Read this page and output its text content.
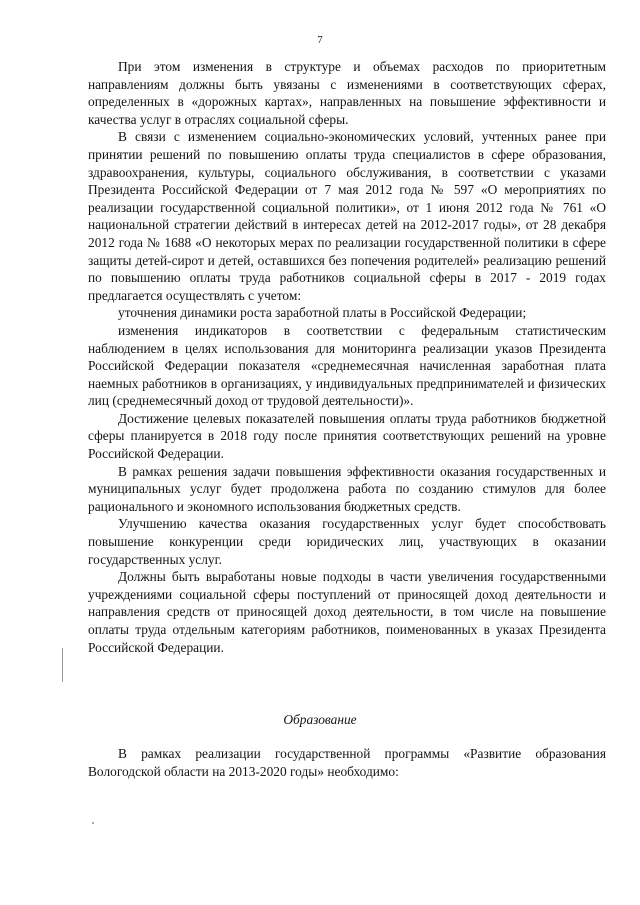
7

При этом изменения в структуре и объемах расходов по приоритетным направлениям должны быть увязаны с изменениями в соответствующих сферах, определенных в «дорожных картах», направленных на повышение эффективности и качества услуг в отраслях социальной сферы.

В связи с изменением социально-экономических условий, учтенных ранее при принятии решений по повышению оплаты труда специалистов в сфере образования, здравоохранения, культуры, социального обслуживания, в соответствии с указами Президента Российской Федерации от 7 мая 2012 года № 597 «О мероприятиях по реализации государственной социальной политики», от 1 июня 2012 года № 761 «О национальной стратегии действий в интересах детей на 2012-2017 годы», от 28 декабря 2012 года № 1688 «О некоторых мерах по реализации государственной политики в сфере защиты детей-сирот и детей, оставшихся без попечения родителей» реализацию решений по повышению оплаты труда работников социальной сферы в 2017 - 2019 годах предлагается осуществлять с учетом:

уточнения динамики роста заработной платы в Российской Федерации;

изменения индикаторов в соответствии с федеральным статистическим наблюдением в целях использования для мониторинга реализации указов Президента Российской Федерации показателя «среднемесячная начисленная заработная плата наемных работников в организациях, у индивидуальных предпринимателей и физических лиц (среднемесячный доход от трудовой деятельности)».

Достижение целевых показателей повышения оплаты труда работников бюджетной сферы планируется в 2018 году после принятия соответствующих решений на уровне Российской Федерации.

В рамках решения задачи повышения эффективности оказания государственных и муниципальных услуг будет продолжена работа по созданию стимулов для более рационального и экономного использования бюджетных средств.

Улучшению качества оказания государственных услуг будет способствовать повышение конкуренции среди юридических лиц, участвующих в оказании государственных услуг.

Должны быть выработаны новые подходы в части увеличения государственными учреждениями социальной сферы поступлений от приносящей доход деятельности и направления средств от приносящей доход деятельности, в том числе на повышение оплаты труда отдельным категориям работников, поименованных в указах Президента Российской Федерации.

Образование

В рамках реализации государственной программы «Развитие образования Вологодской области на 2013-2020 годы» необходимо:
